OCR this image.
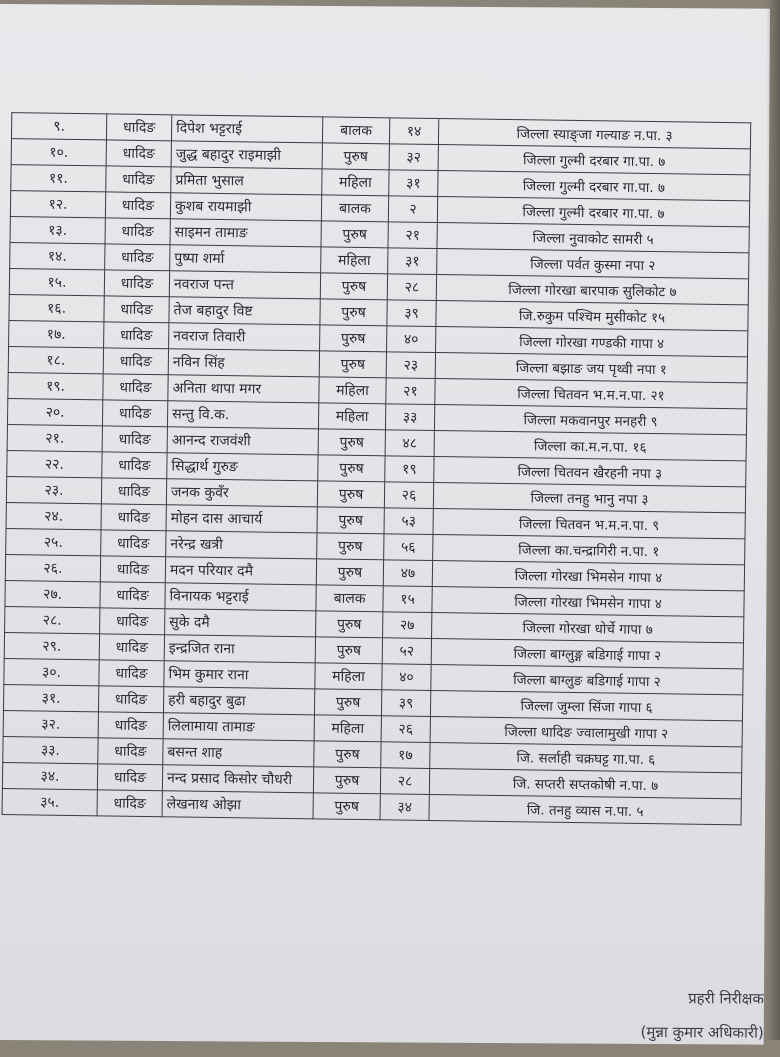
९.	धादिङ	दिपेश भट्टराई	बालक	१४	जिल्ला स्याङ्जा गल्याङ न.पा. ३
१०.	धादिङ	जुद्ध बहादुर राइमाझी	पुरुष	३२	जिल्ला गुल्मी दरबार गा.पा. ७
११.	धादिङ	प्रमिता भुसाल	महिला	३१	जिल्ला गुल्मी दरबार गा.पा. ७
१२.	धादिङ	कुशब रायमाझी	बालक	२	जिल्ला गुल्मी दरबार गा.पा. ७
१३.	धादिङ	साइमन तामाङ	पुरुष	२१	जिल्ला नुवाकोट सामरी ५
१४.	धादिङ	पुष्पा शर्मा	महिला	३१	जिल्ला पर्वत कुस्मा नपा २
१५.	धादिङ	नवराज पन्त	पुरुष	२८	जिल्ला गोरखा बारपाक सुलिकोट ७
१६.	धादिङ	तेज बहादुर विष्ट	पुरुष	३९	जि.रुकुम पश्चिम मुसीकोट १५
१७.	धादिङ	नवराज तिवारी	पुरुष	४०	जिल्ला गोरखा गण्डकी गापा ४
१८.	धादिङ	नविन सिंह	पुरुष	२३	जिल्ला बझाङ जय पृथ्वी नपा १
१९.	धादिङ	अनिता थापा मगर	महिला	२१	जिल्ला चितवन भ.म.न.पा. २१
२०.	धादिङ	सन्तु वि.क.	महिला	३३	जिल्ला मकवानपुर मनहरी ९
२१.	धादिङ	आनन्द राजवंशी	पुरुष	४८	जिल्ला का.म.न.पा. १६
२२.	धादिङ	सिद्धार्थ गुरुङ	पुरुष	१९	जिल्ला चितवन खैरहनी नपा ३
२३.	धादिङ	जनक कुवँर	पुरुष	२६	जिल्ला तनहु भानु नपा ३
२४.	धादिङ	मोहन दास आचार्य	पुरुष	५३	जिल्ला चितवन भ.म.न.पा. ९
२५.	धादिङ	नरेन्द्र खत्री	पुरुष	५६	जिल्ला का.चन्द्रागिरी न.पा. १
२६.	धादिङ	मदन परियार दमै	पुरुष	४७	जिल्ला गोरखा भिमसेन गापा ४
२७.	धादिङ	विनायक भट्टराई	बालक	१५	जिल्ला गोरखा भिमसेन गापा ४
२८.	धादिङ	सुके दमै	पुरुष	२७	जिल्ला गोरखा धोर्चे गापा ७
२९.	धादिङ	इन्द्रजित राना	पुरुष	५२	जिल्ला बाग्लुङ्ग बडिगाई गापा २
३०.	धादिङ	भिम कुमार राना	महिला	४०	जिल्ला बाग्लुङ बडिगाई गापा २
३१.	धादिङ	हरी बहादुर बुढा	पुरुष	३९	जिल्ला जुम्ला सिंजा गापा ६
३२.	धादिङ	लिलामाया तामाङ	महिला	२६	जिल्ला धादिङ ज्वालामुखी गापा २
३३.	धादिङ	बसन्त शाह	पुरुष	१७	जि. सर्लाही चक्रघट्ट गा.पा. ६
३४.	धादिङ	नन्द प्रसाद किसोर चौधरी	पुरुष	२८	जि. सप्तरी सप्तकोषी न.पा. ७
३५.	धादिङ	लेखनाथ ओझा	पुरुष	३४	जि. तनहु व्यास न.पा. ५
प्रहरी निरीक्षक
(मुन्ना कुमार अधिकारी)
